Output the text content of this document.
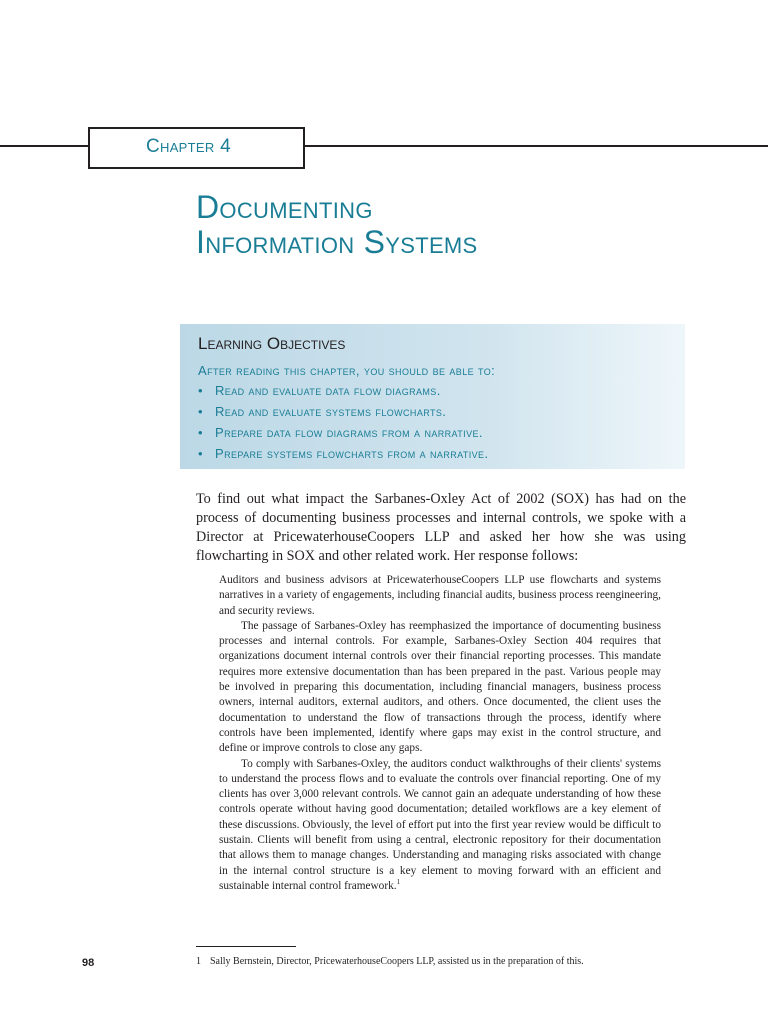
Chapter 4
Documenting
Information Systems
Learning Objectives
After reading this chapter, you should be able to:
• Read and evaluate data flow diagrams.
• Read and evaluate systems flowcharts.
• Prepare data flow diagrams from a narrative.
• Prepare systems flowcharts from a narrative.

To find out what impact the Sarbanes-Oxley Act of 2002 (SOX) has had on the process of documenting business processes and internal controls, we spoke with a Director at PricewaterhouseCoopers LLP and asked her how she was using flowcharting in SOX and other related work. Her response follows:

Auditors and business advisors at PricewaterhouseCoopers LLP use flowcharts and systems narratives in a variety of engagements, including financial audits, business process reengineering, and security reviews.

The passage of Sarbanes-Oxley has reemphasized the importance of documenting business processes and internal controls. For example, Sarbanes-Oxley Section 404 requires that organizations document internal controls over their financial reporting processes. This mandate requires more extensive documentation than has been prepared in the past. Various people may be involved in preparing this documentation, including financial managers, business process owners, internal auditors, external auditors, and others. Once documented, the client uses the documentation to understand the flow of transactions through the process, identify where controls have been implemented, identify where gaps may exist in the control structure, and define or improve controls to close any gaps.

To comply with Sarbanes-Oxley, the auditors conduct walkthroughs of their clients' systems to understand the process flows and to evaluate the controls over financial reporting. One of my clients has over 3,000 relevant controls. We cannot gain an adequate understanding of how these controls operate without having good documentation; detailed workflows are a key element of these discussions. Obviously, the level of effort put into the first year review would be difficult to sustain. Clients will benefit from using a central, electronic repository for their documentation that allows them to manage changes. Understanding and managing risks associated with change in the internal control structure is a key element to moving forward with an efficient and sustainable internal control framework.$^1$

98	1 Sally Bernstein, Director, PricewaterhouseCoopers LLP, assisted us in the preparation of this.
